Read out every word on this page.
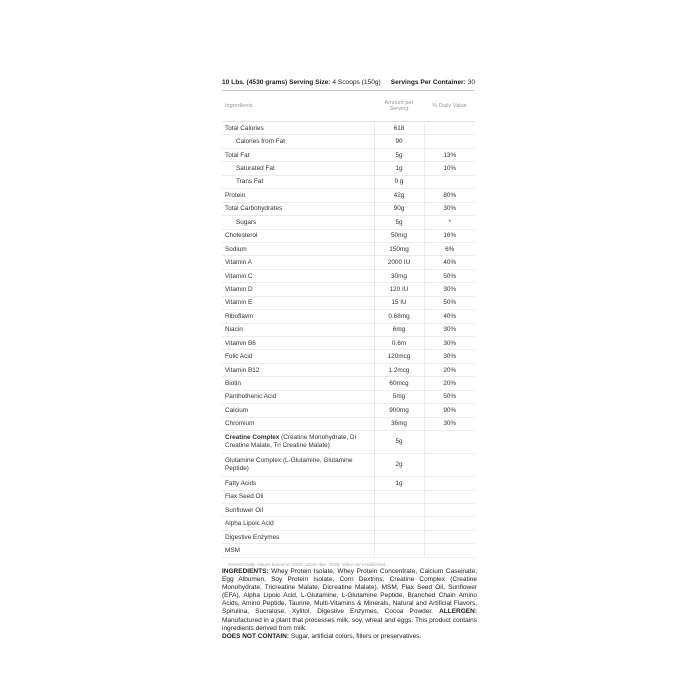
10 Lbs. (4530 grams) Serving Size: 4 Scoops (150g) Servings Per Container: 30
Ingredients	Amount per Serving	% Daily Value
Total Calories	618	
Calories from Fat	90	
Total Fat	5g	13%
Saturated Fat	1g	10%
Trans Fat	0 g	
Protein	42g	80%
Total Carbohydrates	90g	30%
Sugars	5g	*
Cholesterol	50mg	16%
Sodium	150mg	6%
Vitamin A	2000 IU	40%
Vitamin C	30mg	50%
Vitamin D	120 IU	30%
Vitamin E	15 IU	50%
Riboflavin	0.68mg	40%
Niacin	6mg	30%
Vitamin B6	0.6m	30%
Folic Acid	120mcg	30%
Vitamin B12	1.2mcg	20%
Biotin	60mcg	20%
Panthothenic Acid	5mg	50%
Calcium	900mg	90%
Chromium	36mg	30%
Creatine Complex (Creatine Monohydrate, Di Creatine Malate, Tri Creatine Malate)	5g	
Glutamine Complex (L-Glutamine, Glutamine Peptide)	2g	
Fatty Acids	1g	
Flax Seed Oil		
Sunflower Oil		
Alpha Lipoic Acid		
Digestive Enzymes		
MSM		
Percent Daily Values based on 2000 calorie diet. *Daily Value not established.		
INGREDIENTS: Whey Protein Isolate, Whey Protein Concentrate, Calcium Caseinate, Egg Albumen, Soy Protein Isolate, Corn Dextrins, Creatine Complex (Creatine Monohydrate, Tricreatine Malate, Dicreatine Malate), MSM, Flax Seed Oil, Sunflower (EFA), Alpha Lipoic Acid, L-Glutamine, L-Glutamine Peptide, Branched Chain Amino Acids, Amino Peptide, Taurine, Multi-Vitamins & Minerals, Natural and Artificial Flavors, Spirulina, Sucralose, Xylitol, Digestive Enzymes, Cocoa Powder. ALLERGEN: Manufactured in a plant that processes milk, soy, wheat and eggs. This product contains ingredients derived from milk.
DOES NOT CONTAIN: Sugar, artificial colors, fillers or preservatives.
